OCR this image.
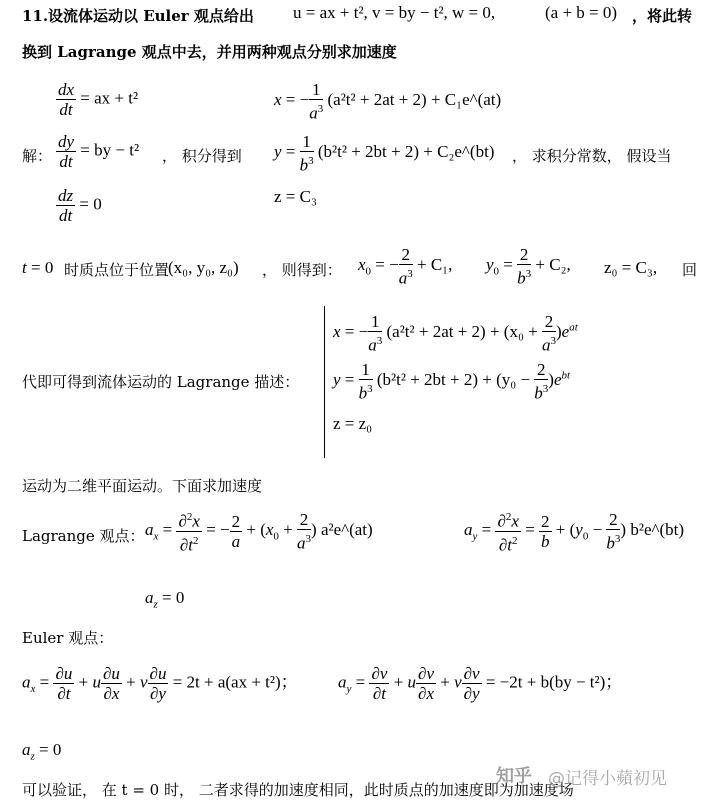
11. 设流体运动以 Euler 观点给出 u = ax + t², v = by − t², w = 0,	(a + b = 0) ，将此转
换到 Lagrange 观点中去，并用两种观点分别求加速度
$\frac{dx}{dt}$ = ax + t²
解： $\frac{dy}{dt}$ = by − t² ， 积分得到
$\frac{dz}{dt} = 0$
x = − $\frac{1}{a^3} (a^2t^2 + 2at + 2)$ + C₁e^(at)
$y = \frac{1}{b^3} (b^2t^2 + 2bt + 2)$ + C₂e^(bt) ， 求积分常数， 假设当
z = C₃
t = 0 时质点位于位置
(x₀, y₀, z₀) ， 则得到： $x_0$ = − $\frac{2}{a^3} + C_1$, $y_0 = \frac{2}{b^3} + C_2$, z₀ = C₃, 回
代即可得到流体运动的 Lagrange 描述：
x = − $\frac{1}{a^3} (a^2t^2 + 2at + 2) + (x_0 + \frac{2}{a^3} )e^{at}$
$y = \frac{1}{b^3} (b^2t^2 + 2bt + 2) + (y_0 - \frac{2}{b^3} )e^{bt}$
z = z₀
运动为二维平面运动。下面求加速度
Lagrange 观点： $a_x = \frac{\partial^2x}{\partial t^2}$ = − $\frac{2}{a} + (x_0 + \frac{2}{a^3}$ ) a²e^(at)	$a_y = \frac{\partial^2x}{\partial t^2} = \frac{2}{b} + (y_0 - \frac{2}{b^3}$ ) b²e^(bt)
$a_z = 0$
Euler 观点：
$a_x = \frac{\partial u}{\partial t} + u \frac{\partial u}{\partial x} + v \frac{\partial u}{\partial y} = 2t + a(ax + t^2)$； $a_y = \frac{\partial v}{\partial t} + u \frac{\partial v}{\partial x} + v \frac{\partial v}{\partial y} = -2t + b(by - t^2)$；
$a_z = 0$
可以验证， 在 t = 0 时， 二者求得的加速度相同，此时质点的加速度即为加速度场
知乎 @记得小蘋初见
